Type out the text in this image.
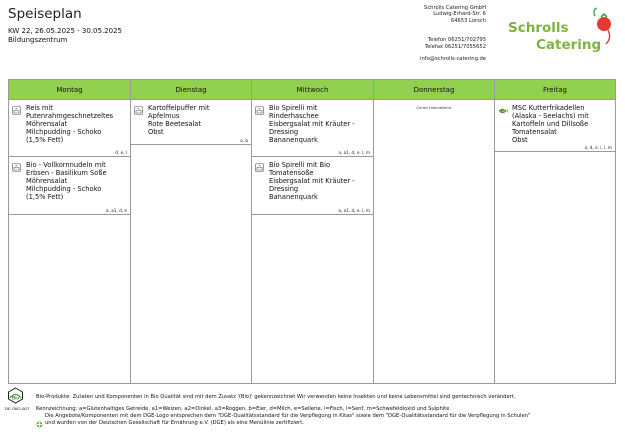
Speiseplan
KW 22, 26.05.2025 - 30.05.2025
Bildungszentrum
Schrolls Catering GmbH
Ludwig-Erhard-Str. 6
64653 Lorsch
Telefon 06251/702795
Telefax 06251/7055652
info@schrolls-catering.de
Schrolls
Catering
Montag
Reis mit
Putenrahmgeschnetzeltes
Möhrensalat
Milchpudding - Schoko
(1,5% Fett)
d, e, l
Bio - Vollkornnudeln mit
Erbsen - Basilikum Soße
Möhrensalat
Milchpudding - Schoko
(1,5% Fett)
a, a1, d, e
Dienstag
Kartoffelpuffer mit
Apfelmus
Rote Beetesalat
Obst
a, b
Mittwoch
Bio Spirelli mit
Rinderhaschee
Eisbergsalat mit Kräuter -
Dressing
Bananenquark
a, a1, d, e, l, m
Bio Spirelli mit Bio
Tomatensoße
Eisbergsalat mit Kräuter -
Dressing
Bananenquark
a, a1, d, e, l, m
Donnerstag
Christi Himmelfahrt
Freitag
MSC Kutterfrikadellen
(Alaska - Seelachs) mit
Kartoffeln und Dillsoße
Tomatensalat
Obst
a, d, e, i, l, m
Bio
DE-ÖKO-007
Bio-Produkte: Zutaten und Komponenten in Bio Qualität sind mit dem Zusatz '(Bio)' gekennzeichnet Wir verwenden keine Insekten und keine Lebensmittel sind gentechnisch verändert.
Kennzeichnung: a=Glutenhaltiges Getreide, a1=Weizen, a2=Dinkel, a3=Roggen, b=Eier, d=Milch, e=Sellerie, i=Fisch, l=Senf, m=Schwefeldioxid und Sulphite
Die Angebote/Komponenten mit dem DGE-Logo entsprechen dem "DGE-Qualitätsstandard für die Verpflegung in Kitas" sowie dem "DGE-Qualitätsstandard für die Verpflegung in Schulen"
und wurden von der Deutschen Gesellschaft für Ernährung e.V. (DGE) als eine Menülinie zertifiziert.
